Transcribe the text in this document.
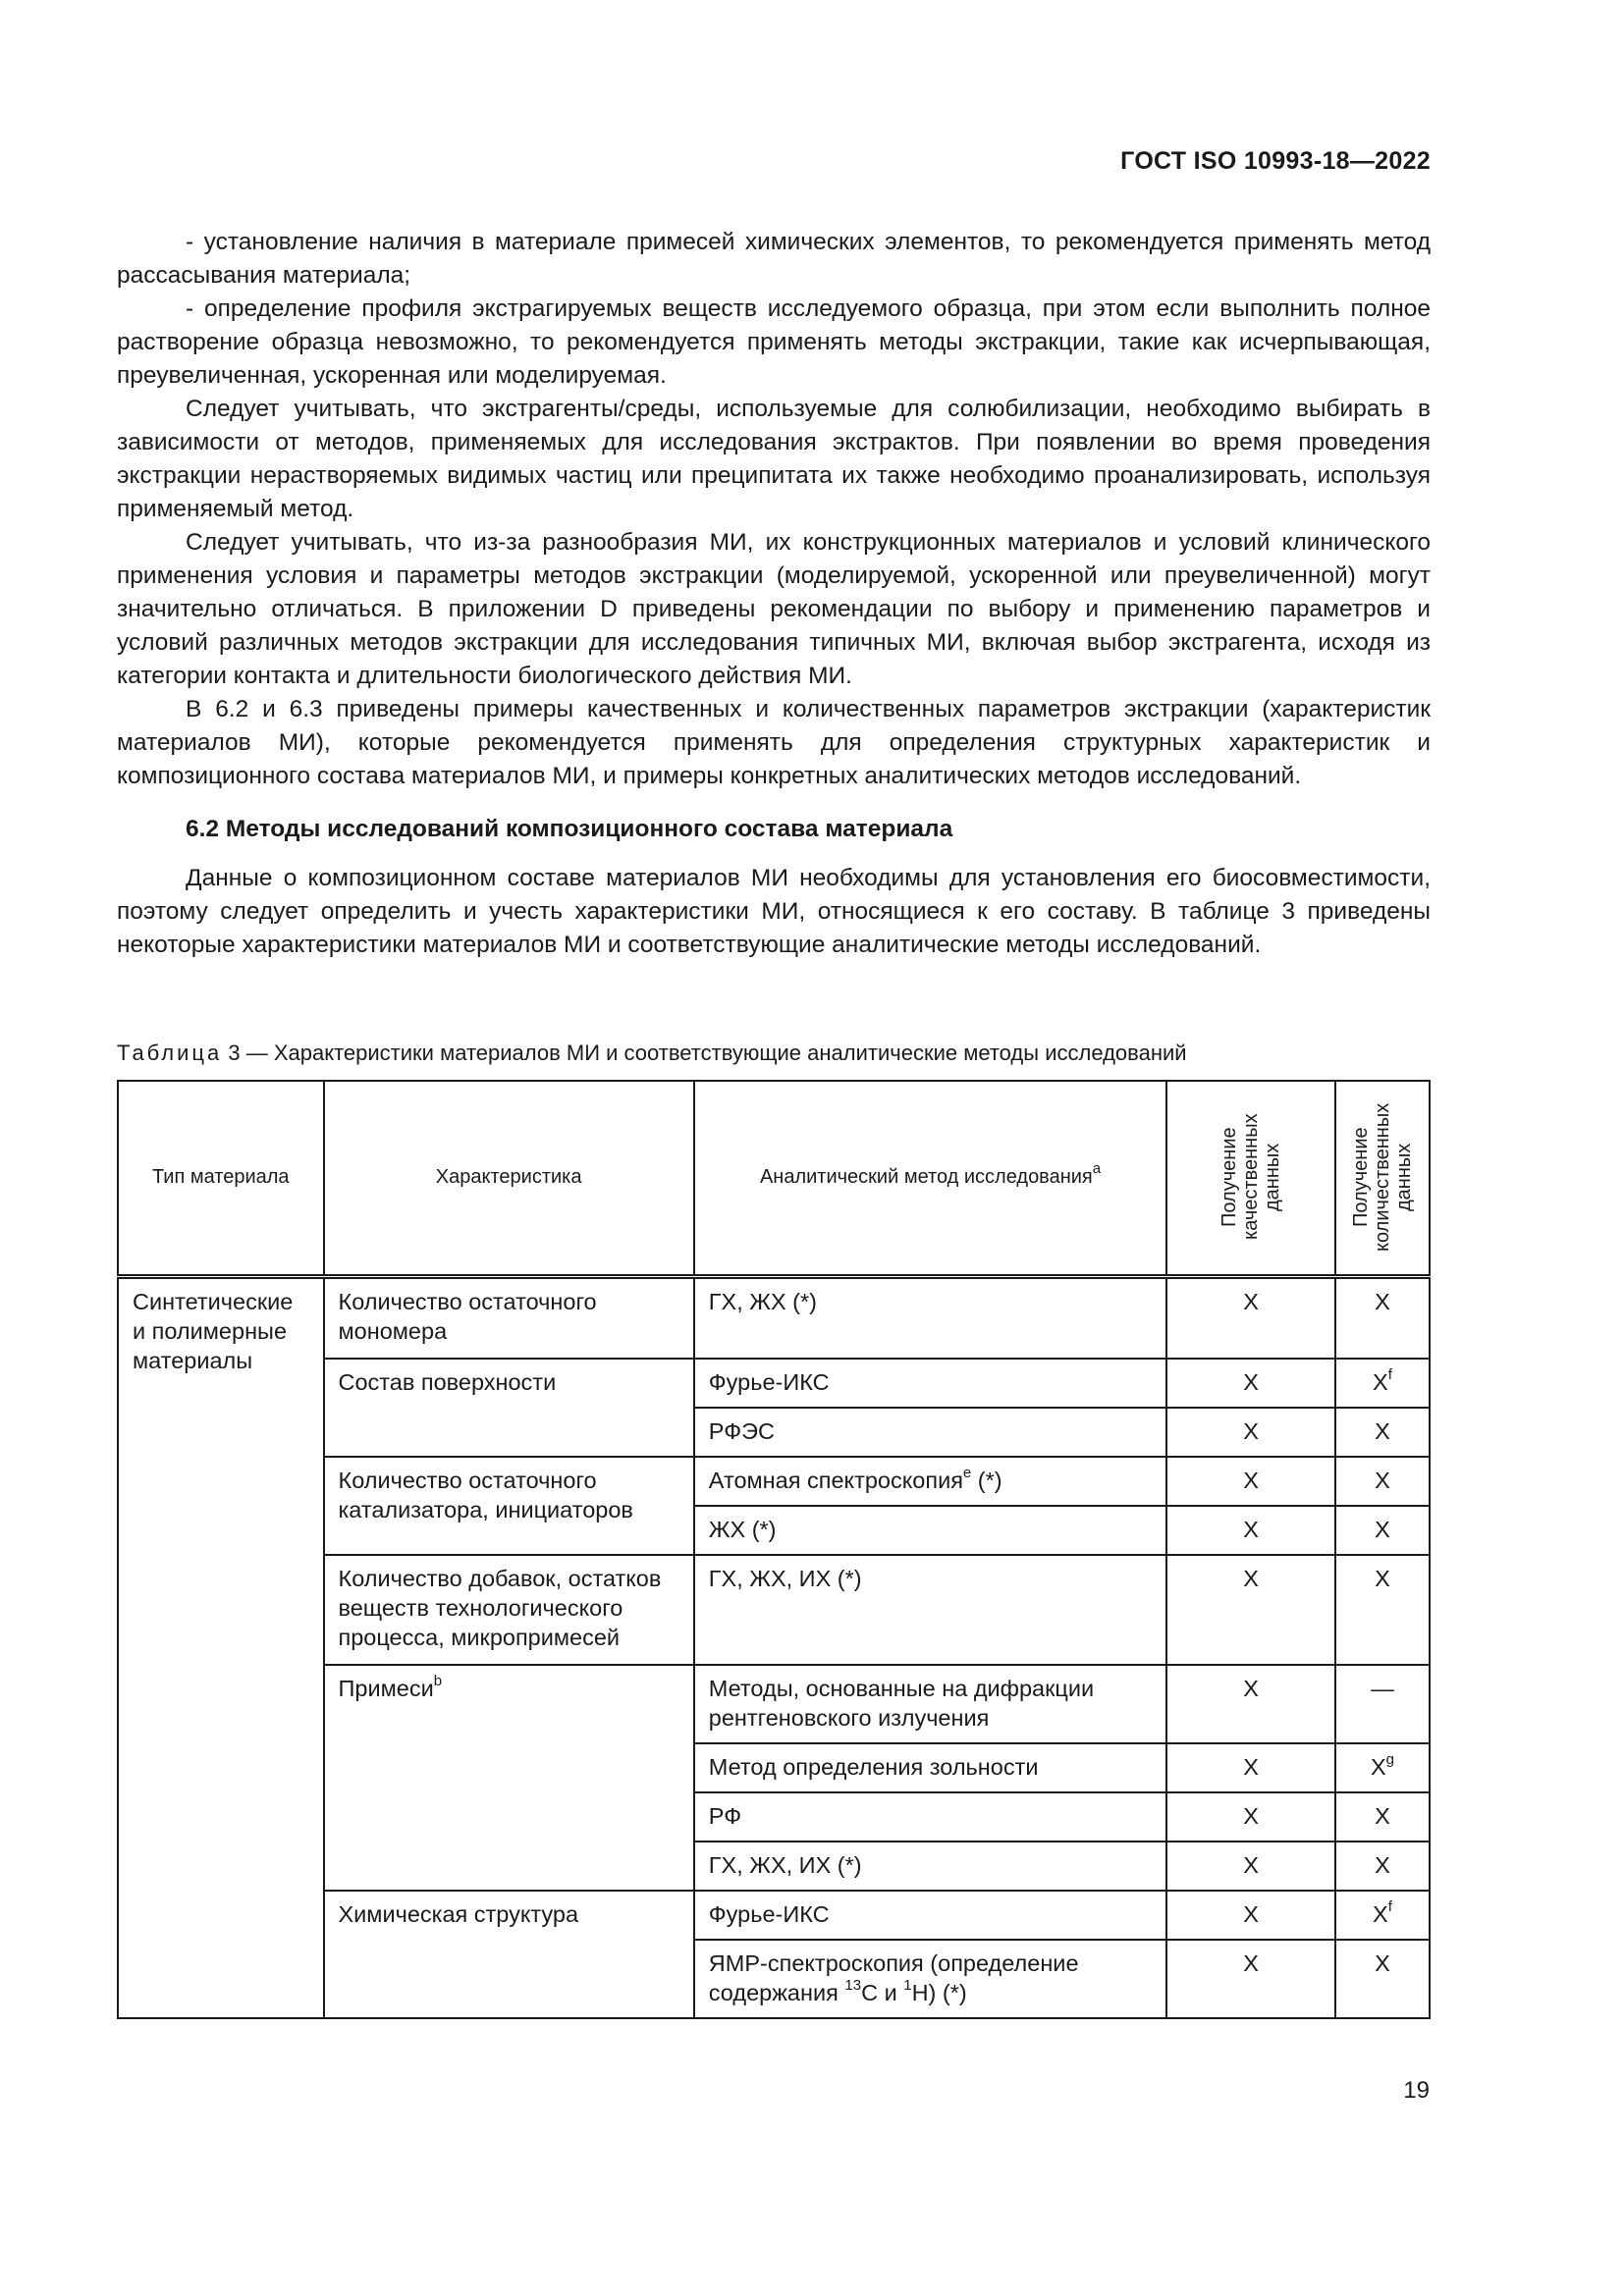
ГОСТ ISO 10993-18—2022

- установление наличия в материале примесей химических элементов, то рекомендуется применять метод рассасывания материала;

- определение профиля экстрагируемых веществ исследуемого образца, при этом если выполнить полное растворение образца невозможно, то рекомендуется применять методы экстракции, такие как исчерпывающая, преувеличенная, ускоренная или моделируемая.

Следует учитывать, что экстрагенты/среды, используемые для солюбилизации, необходимо выбирать в зависимости от методов, применяемых для исследования экстрактов. При появлении во время проведения экстракции нерастворяемых видимых частиц или преципитата их также необходимо проанализировать, используя применяемый метод.

Следует учитывать, что из-за разнообразия МИ, их конструкционных материалов и условий клинического применения условия и параметры методов экстракции (моделируемой, ускоренной или преувеличенной) могут значительно отличаться. В приложении D приведены рекомендации по выбору и применению параметров и условий различных методов экстракции для исследования типичных МИ, включая выбор экстрагента, исходя из категории контакта и длительности биологического действия МИ.

В 6.2 и 6.3 приведены примеры качественных и количественных параметров экстракции (характеристик материалов МИ), которые рекомендуется применять для определения структурных характеристик и композиционного состава материалов МИ, и примеры конкретных аналитических методов исследований.

6.2 Методы исследований композиционного состава материала

Данные о композиционном составе материалов МИ необходимы для установления его биосовместимости, поэтому следует определить и учесть характеристики МИ, относящиеся к его составу. В таблице 3 приведены некоторые характеристики материалов МИ и соответствующие аналитические методы исследований.

Таблица 3 — Характеристики материалов МИ и соответствующие аналитические методы исследований
Тип материала	Характеристика	Аналитический метод исследования$^a$	Получение качественных данных	Получение количественных данных

Синтетические и полимерные материалы	Количество остаточного мономера	ГХ, ЖХ (*)	X	X
	Состав поверхности	Фурье-ИКС	X	$X^f$
		РФЭС	X	X
	Количество остаточного катализатора, инициаторов	Атомная спектроскопия$^e$ (*)	X	X
		ЖХ (*)	X	X
	Количество добавок, остатков веществ технологического процесса, микропримесей	ГХ, ЖХ, ИХ (*)	X	X
	Примеси$^b$	Методы, основанные на дифракции рентгеновского излучения	X	—
		Метод определения зольности	X	$X^g$
		РФ	X	X
		ГХ, ЖХ, ИХ (*)	X	X
	Химическая структура	Фурье-ИКС	X	$X^f$
		ЯМР-спектроскопия (определение содержания $^{13}$С и $^1$Н) (*)	X	X
19
